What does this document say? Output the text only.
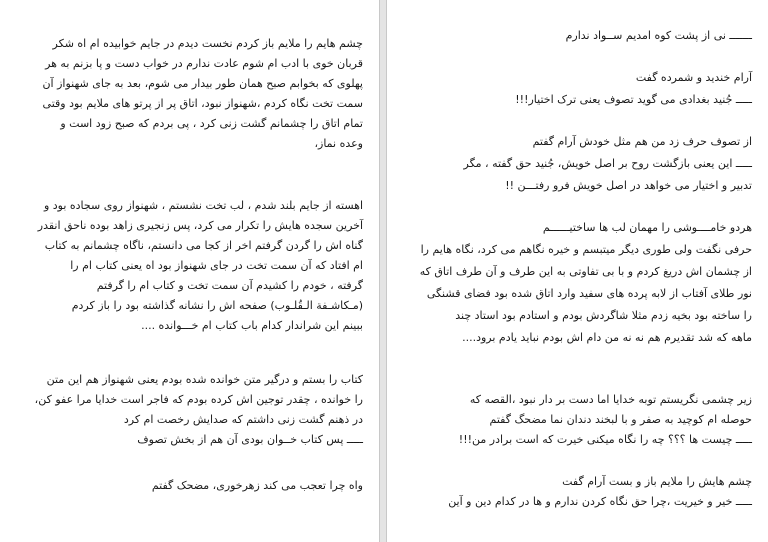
چشم هایم را ملایم باز کردم نخست دیدم در جایم خوابیده ام اه شکر
قربان خوی با ادب ام شوم عادت ندارم در خواب دست و پا بزنم به هر
پهلوی که بخوابم صبح همان طور بیدار می شوم، بعد به جای شهنواز آن
سمت تخت نگاه کردم ،شهنواز نبود، اتاق پر از پرتو های ملایم بود وقتی
تمام اتاق را چشمانم گشت زنی کرد ، پی بردم که صبح زود است و
وعده نماز،
اهسته از جایم بلند شدم ، لب تخت نشستم ، شهنواز روی سجاده بود و
آخرین سجده هایش را تکرار می کرد، پس زنجیری زاهد بوده ناحق انقدر
گناه اش را گردن گرفتم اخر از کجا می دانستم، ناگاه چشمانم به کتاب
ام افتاد که آن سمت تخت در جای شهنواز بود اه یعنی کتاب ام را
گرفته ، خودم را کشیدم آن سمت تخت و کتاب ام را گرفتم
(مـکاشـفة الـقُلـوب) صفحه اش را نشانه گذاشته بود را باز کردم
ببینم این شراندار کدام باب کتاب ام خـــوانده ....
کتاب را بستم و درگیر متن خوانده شده بودم یعنی شهنواز هم این متن
را خوانده ، چقدر توجین اش کرده بودم که فاجر است خدایا مرا عفو کن،
در ذهنم گشت زنی داشتم که صدایش رخصت ام کرد
ـــــ پس کتاب خــوان بودی آن هم از بخش تصوف
واه چرا تعجب می کند زهرخوری، مضحک گفتم
ـــــــ نی از پشت کوه امدیم ســواد ندارم
آرام خندید و شمرده گفت
ـــــ جُنید بغدادی می گوید تصوف یعنی ترک اختیار!!!
از تصوف حرف زد من هم مثل خودش آرام گفتم
ـــــ این یعنی بازگشت روح بر اصل خویش، جُنید حق گفته ، مگر
تدبیر و اختیار می خواهد در اصل خویش فرو رفتـــن !!
هردو خامــــوشی را مهمان لب ها ساختیــــــم
حرفی نگفت ولی طوری دیگر میتبسم و خیره نگاهم می کرد، نگاه هایم را
از چشمان اش دریغ کردم و با بی تفاوتی به این طرف و آن طرف اتاق که
نور طلای آفتاب از لابه پرده های سفید وارد اتاق شده بود فضای قشنگی
را ساخته بود بخیه زدم مثلا شاگردش بودم و استادم بود استاد چند
ماهه که شد تقدیرم هم نه نه من دام اش بودم نباید یادم برود....
زیر چشمی نگریستم توبه خدایا اما دست بر دار نبود ،القصه که
حوصله ام کوچید به صفر و با لبخند دندان نما مضحگ گفتم
ـــــ چیست ها ؟؟؟ چه را نگاه میکنی خیرت که است برادر من!!!
چشم هایش را ملایم باز و بست آرام گفت
ـــــ خیر و خیریت ،چرا حق نگاه کردن ندارم و ها در کدام دین و آین
